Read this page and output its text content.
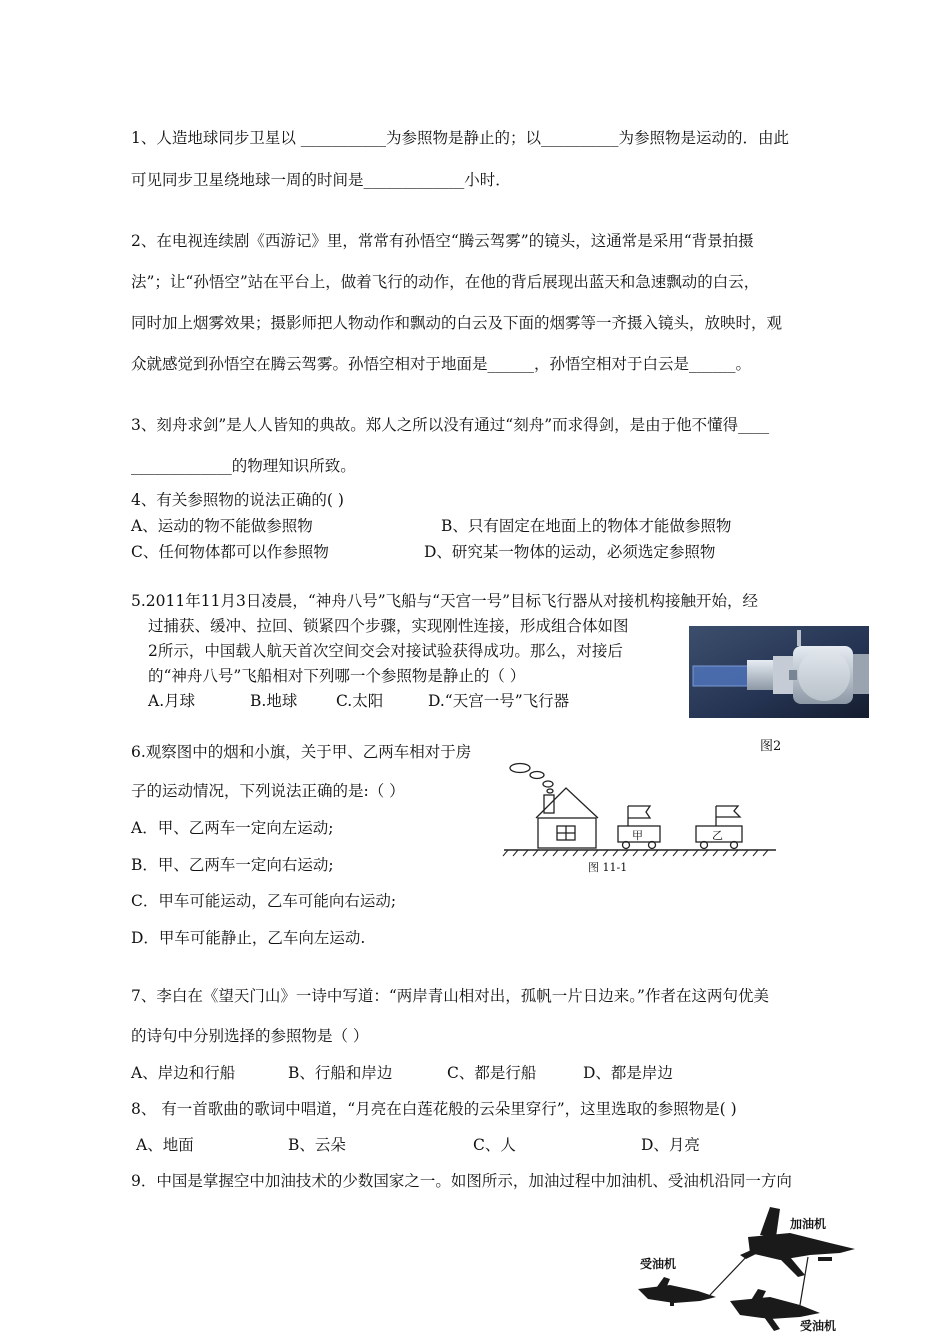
1、人造地球同步卫星以 ___________为参照物是静止的；以__________为参照物是运动的．由此
可见同步卫星绕地球一周的时间是_____________小时．
2、在电视连续剧《西游记》里，常常有孙悟空“腾云驾雾”的镜头，这通常是采用“背景拍摄
法”；让“孙悟空”站在平台上，做着飞行的动作，在他的背后展现出蓝天和急速飘动的白云，
同时加上烟雾效果；摄影师把人物动作和飘动的白云及下面的烟雾等一齐摄入镜头，放映时，观
众就感觉到孙悟空在腾云驾雾。孙悟空相对于地面是______，孙悟空相对于白云是______。
3、刻舟求剑”是人人皆知的典故。郑人之所以没有通过“刻舟”而求得剑，是由于他不懂得____
_____________的物理知识所致。
4、有关参照物的说法正确的( )
A、运动的物不能做参照物	B、只有固定在地面上的物体才能做参照物
C、任何物体都可以作参照物	D、研究某一物体的运动，必须选定参照物
5.2011年11月3日凌晨，“神舟八号”飞船与“天宫一号”目标飞行器从对接机构接触开始，经
过捕获、缓冲、拉回、锁紧四个步骤，实现刚性连接，形成组合体如图
2所示，中国载人航天首次空间交会对接试验获得成功。那么，对接后
的“神舟八号”飞船相对下列哪一个参照物是静止的（ ）
A.月球	B.地球 C.太阳	D.“天宫一号”飞行器
图2
6.观察图中的烟和小旗，关于甲、乙两车相对于房
子的运动情况，下列说法正确的是:（ ）
A．甲、乙两车一定向左运动;
B．甲、乙两车一定向右运动;
C．甲车可能运动，乙车可能向右运动;
D．甲车可能静止，乙车向左运动.
甲	乙
图 11-1
7、李白在《望天门山》一诗中写道：“两岸青山相对出，孤帆一片日边来。”作者在这两句优美
的诗句中分别选择的参照物是（ ）
A、岸边和行船	B、行船和岸边	C、都是行船	D、都是岸边
8、 有一首歌曲的歌词中唱道，“月亮在白莲花般的云朵里穿行”，这里选取的参照物是( )
A、地面	B、云朵	C、人	D、月亮
9．中国是掌握空中加油技术的少数国家之一。如图所示，加油过程中加油机、受油机沿同一方向
加油机
受油机
受油机
